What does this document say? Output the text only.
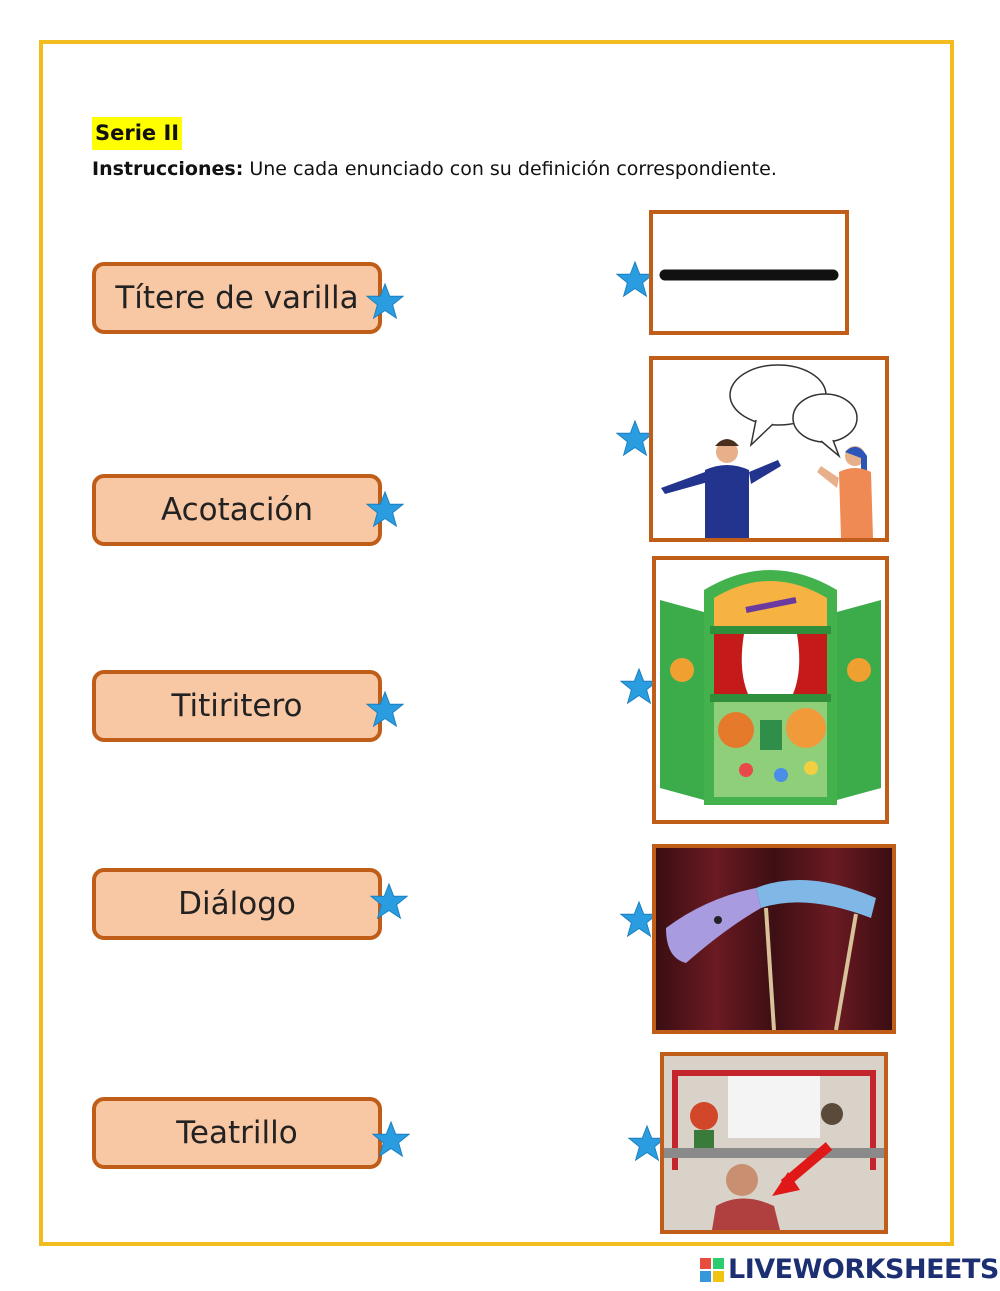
Serie II
Instrucciones: Une cada enunciado con su definición correspondiente.
Títere de varilla
Acotación
Titiritero
Diálogo
Teatrillo
LIVEWORKSHEETS
